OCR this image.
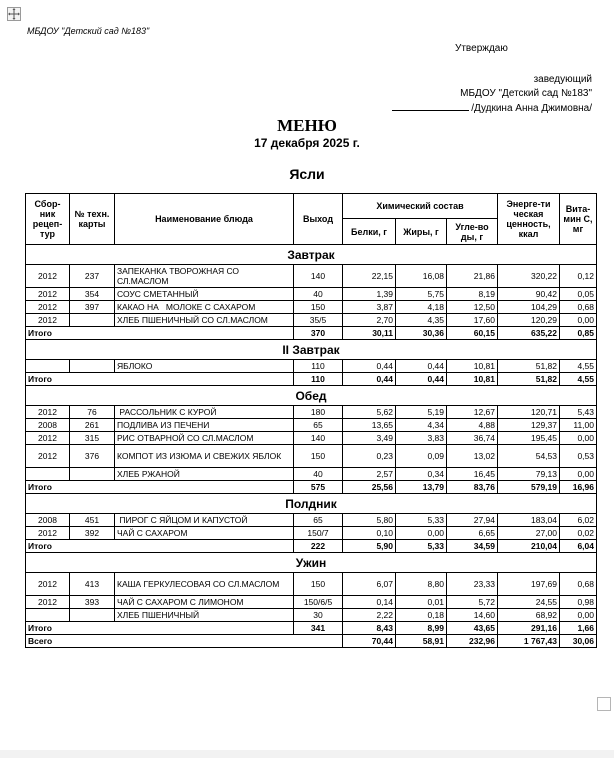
МБДОУ "Детский сад №183"
Утверждаю
заведующий
МБДОУ "Детский сад №183"
/Дудкина Анна Джимовна/
МЕНЮ
17 декабря 2025 г.
Ясли
Сбор-ник рецеп-тур	№ техн. карты	Наименование блюда	Выход	Химический состав			Энерге-ти ческая ценность, ккал	Вита-мин С, мг
				Белки, г	Жиры, г	Угле-во ды, г		
Завтрак								
2012	237	ЗАПЕКАНКА ТВОРОЖНАЯ СО СЛ.МАСЛОМ	140	22,15	16,08	21,86	320,22	0,12
2012	354	СОУС СМЕТАННЫЙ	40	1,39	5,75	8,19	90,42	0,05
2012	397	КАКАО НА   МОЛОКЕ С САХАРОМ	150	3,87	4,18	12,50	104,29	0,68
2012		ХЛЕБ ПШЕНИЧНЫЙ СО СЛ.МАСЛОМ	35/5	2,70	4,35	17,60	120,29	0,00
Итого			370	30,11	30,36	60,15	635,22	0,85
II Завтрак								
		ЯБЛОКО	110	0,44	0,44	10,81	51,82	4,55
Итого			110	0,44	0,44	10,81	51,82	4,55
Обед								
2012	76	РАССОЛЬНИК С КУРОЙ	180	5,62	5,19	12,67	120,71	5,43
2008	261	ПОДЛИВА ИЗ ПЕЧЕНИ	65	13,65	4,34	4,88	129,37	11,00
2012	315	РИС ОТВАРНОЙ СО СЛ.МАСЛОМ	140	3,49	3,83	36,74	195,45	0,00
2012	376	КОМПОТ ИЗ ИЗЮМА И СВЕЖИХ ЯБЛОК	150	0,23	0,09	13,02	54,53	0,53
		ХЛЕБ РЖАНОЙ	40	2,57	0,34	16,45	79,13	0,00
Итого			575	25,56	13,79	83,76	579,19	16,96
Полдник								
2008	451	ПИРОГ С ЯЙЦОМ И КАПУСТОЙ	65	5,80	5,33	27,94	183,04	6,02
2012	392	ЧАЙ С САХАРОМ	150/7	0,10	0,00	6,65	27,00	0,02
Итого			222	5,90	5,33	34,59	210,04	6,04
Ужин								
2012	413	КАША ГЕРКУЛЕСОВАЯ СО СЛ.МАСЛОМ	150	6,07	8,80	23,33	197,69	0,68
2012	393	ЧАЙ С САХАРОМ С ЛИМОНОМ	150/6/5	0,14	0,01	5,72	24,55	0,98
		ХЛЕБ ПШЕНИЧНЫЙ	30	2,22	0,18	14,60	68,92	0,00
Итого			341	8,43	8,99	43,65	291,16	1,66
Всего				70,44	58,91	232,96	1 767,43	30,06
